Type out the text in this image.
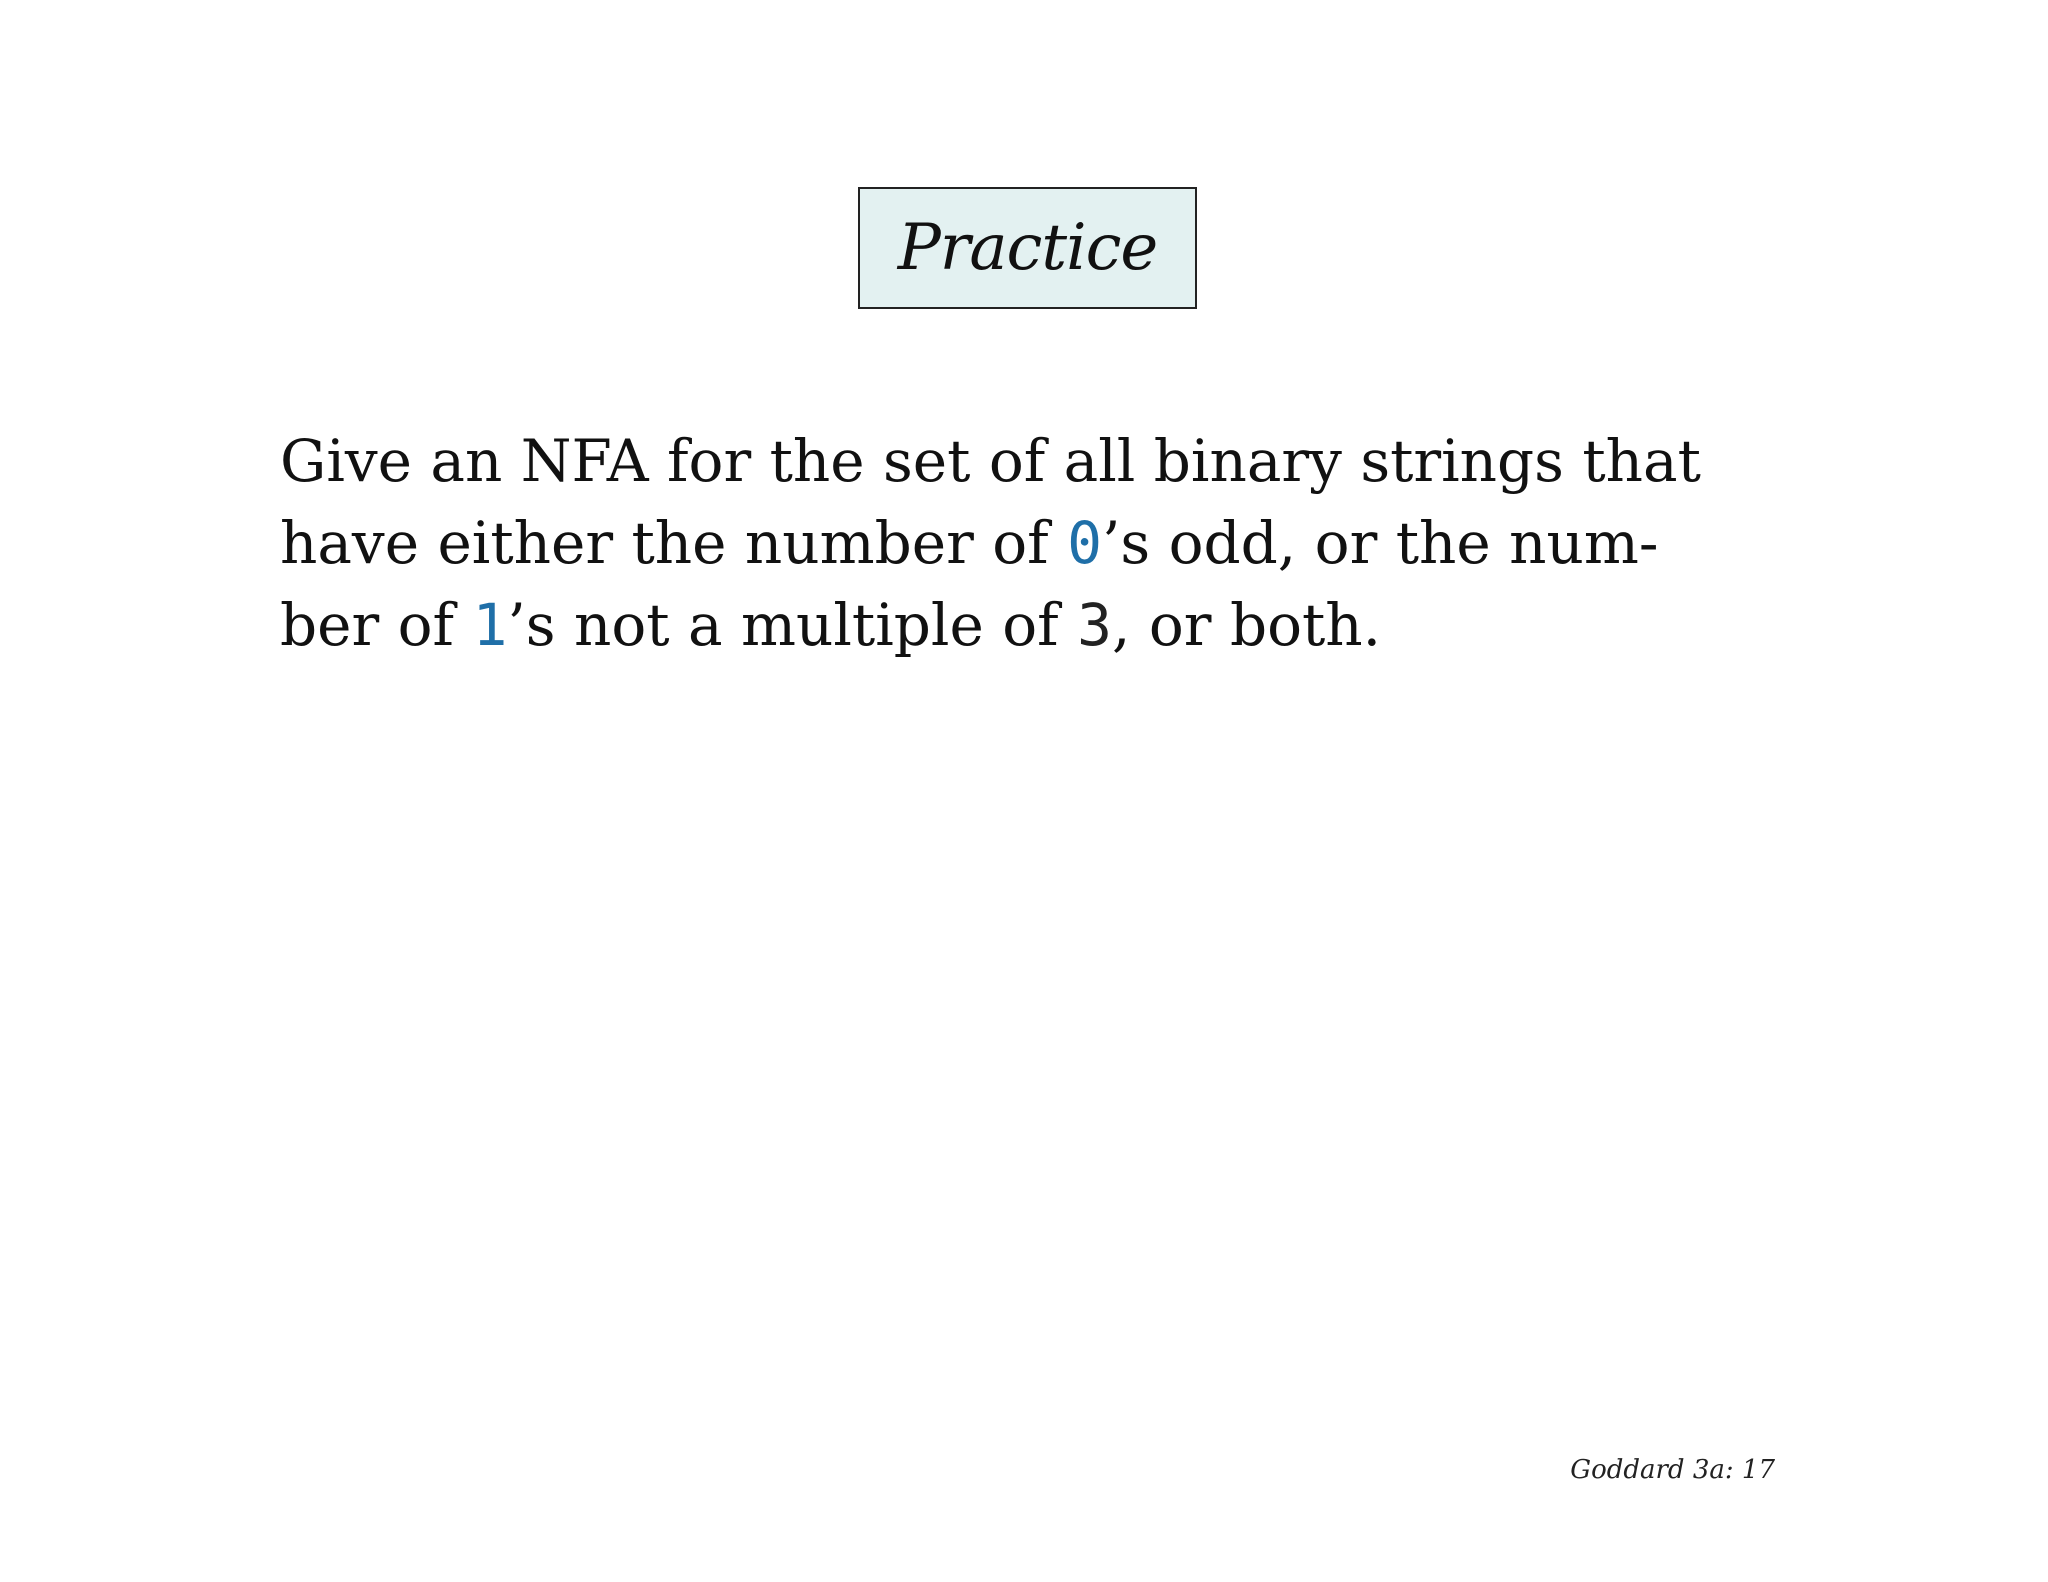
Practice

Give an NFA for the set of all binary strings that
have either the number of 0’s odd, or the num-
ber of 1’s not a multiple of 3, or both.

Goddard 3a: 17
